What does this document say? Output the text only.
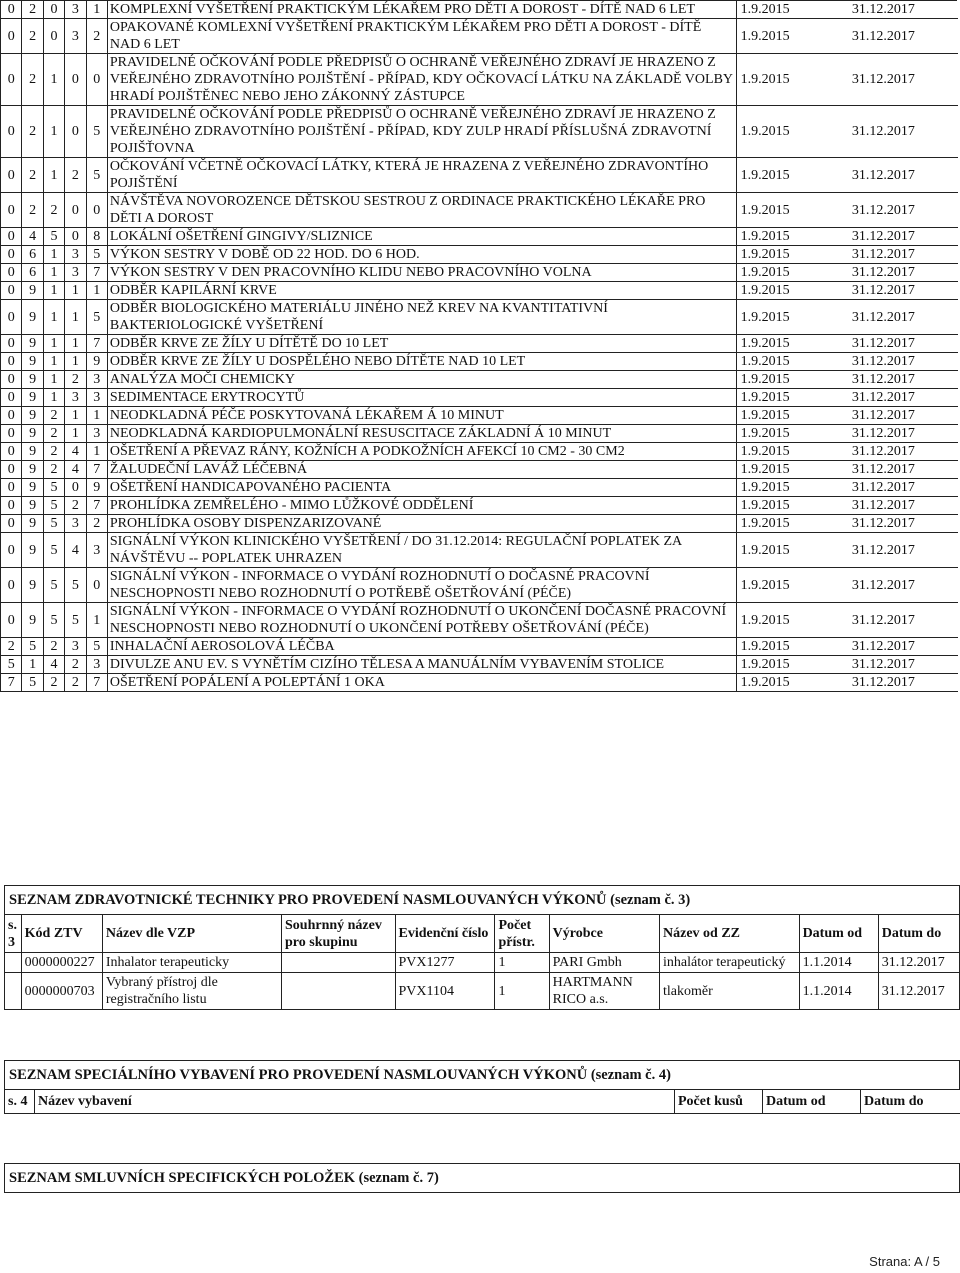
0	2	0	3	1	KOMPLEXNÍ VYŠETŘENÍ PRAKTICKÝM LÉKAŘEM PRO DĚTI A DOROST - DÍTĚ NAD 6 LET	1.9.2015	31.12.2017
0	2	0	3	2	OPAKOVANÉ KOMLEXNÍ VYŠETŘENÍ PRAKTICKÝM LÉKAŘEM PRO DĚTI A DOROST - DÍTĚ NAD 6 LET	1.9.2015	31.12.2017
0	2	1	0	0	PRAVIDELNÉ OČKOVÁNÍ PODLE PŘEDPISŮ O OCHRANĚ VEŘEJNÉHO ZDRAVÍ JE HRAZENO Z VEŘEJNÉHO ZDRAVOTNÍHO POJIŠTĚNÍ - PŘÍPAD, KDY OČKOVACÍ LÁTKU NA ZÁKLADĚ VOLBY HRADÍ POJIŠTĚNEC NEBO JEHO ZÁKONNÝ ZÁSTUPCE	1.9.2015	31.12.2017
0	2	1	0	5	PRAVIDELNÉ OČKOVÁNÍ PODLE PŘEDPISŮ O OCHRANĚ VEŘEJNÉHO ZDRAVÍ JE HRAZENO Z VEŘEJNÉHO ZDRAVOTNÍHO POJIŠTĚNÍ - PŘÍPAD, KDY ZULP HRADÍ PŘÍSLUŠNÁ ZDRAVOTNÍ POJIŠŤOVNA	1.9.2015	31.12.2017
0	2	1	2	5	OČKOVÁNÍ VČETNĚ OČKOVACÍ LÁTKY, KTERÁ JE HRAZENA Z VEŘEJNÉHO ZDRAVONTÍHO POJIŠTĚNÍ	1.9.2015	31.12.2017
0	2	2	0	0	NÁVŠTĚVA NOVOROZENCE DĚTSKOU SESTROU Z ORDINACE PRAKTICKÉHO LÉKAŘE PRO DĚTI A DOROST	1.9.2015	31.12.2017
0	4	5	0	8	LOKÁLNÍ OŠETŘENÍ GINGIVY/SLIZNICE	1.9.2015	31.12.2017
0	6	1	3	5	VÝKON SESTRY V DOBĚ OD 22 HOD. DO 6 HOD.	1.9.2015	31.12.2017
0	6	1	3	7	VÝKON SESTRY V DEN PRACOVNÍHO KLIDU NEBO PRACOVNÍHO VOLNA	1.9.2015	31.12.2017
0	9	1	1	1	ODBĚR KAPILÁRNÍ KRVE	1.9.2015	31.12.2017
0	9	1	1	5	ODBĚR BIOLOGICKÉHO MATERIÁLU JINÉHO NEŽ KREV NA KVANTITATIVNÍ BAKTERIOLOGICKÉ VYŠETŘENÍ	1.9.2015	31.12.2017
0	9	1	1	7	ODBĚR KRVE ZE ŽÍLY U DÍTĚTĚ DO 10 LET	1.9.2015	31.12.2017
0	9	1	1	9	ODBĚR KRVE ZE ŽÍLY U DOSPĚLÉHO NEBO DÍTĚTE NAD 10 LET	1.9.2015	31.12.2017
0	9	1	2	3	ANALÝZA MOČI CHEMICKY	1.9.2015	31.12.2017
0	9	1	3	3	SEDIMENTACE ERYTROCYTŮ	1.9.2015	31.12.2017
0	9	2	1	1	NEODKLADNÁ PÉČE POSKYTOVANÁ LÉKAŘEM Á 10 MINUT	1.9.2015	31.12.2017
0	9	2	1	3	NEODKLADNÁ KARDIOPULMONÁLNÍ RESUSCITACE ZÁKLADNÍ Á 10 MINUT	1.9.2015	31.12.2017
0	9	2	4	1	OŠETŘENÍ A PŘEVAZ RÁNY, KOŽNÍCH A PODKOŽNÍCH AFEKCÍ 10 CM2 - 30 CM2	1.9.2015	31.12.2017
0	9	2	4	7	ŽALUDEČNÍ LAVÁŽ LÉČEBNÁ	1.9.2015	31.12.2017
0	9	5	0	9	OŠETŘENÍ HANDICAPOVANÉHO PACIENTA	1.9.2015	31.12.2017
0	9	5	2	7	PROHLÍDKA ZEMŘELÉHO - MIMO LŮŽKOVÉ ODDĚLENÍ	1.9.2015	31.12.2017
0	9	5	3	2	PROHLÍDKA OSOBY DISPENZARIZOVANÉ	1.9.2015	31.12.2017
0	9	5	4	3	SIGNÁLNÍ VÝKON KLINICKÉHO VYŠETŘENÍ / DO 31.12.2014: REGULAČNÍ POPLATEK ZA NÁVŠTĚVU -- POPLATEK UHRAZEN	1.9.2015	31.12.2017
0	9	5	5	0	SIGNÁLNÍ VÝKON - INFORMACE O VYDÁNÍ ROZHODNUTÍ O DOČASNÉ PRACOVNÍ NESCHOPNOSTI NEBO ROZHODNUTÍ O POTŘEBĚ OŠETŘOVÁNÍ (PÉČE)	1.9.2015	31.12.2017
0	9	5	5	1	SIGNÁLNÍ VÝKON - INFORMACE O VYDÁNÍ ROZHODNUTÍ O UKONČENÍ DOČASNÉ PRACOVNÍ NESCHOPNOSTI NEBO ROZHODNUTÍ O UKONČENÍ POTŘEBY OŠETŘOVÁNÍ (PÉČE)	1.9.2015	31.12.2017
2	5	2	3	5	INHALAČNÍ AEROSOLOVÁ LÉČBA	1.9.2015	31.12.2017
5	1	4	2	3	DIVULZE ANU EV. S VYNĚTÍM CIZÍHO TĚLESA A MANUÁLNÍM VYBAVENÍM STOLICE	1.9.2015	31.12.2017
7	5	2	2	7	OŠETŘENÍ POPÁLENÍ A POLEPTÁNÍ 1 OKA	1.9.2015	31.12.2017
SEZNAM ZDRAVOTNICKÉ TECHNIKY PRO PROVEDENÍ NASMLOUVANÝCH VÝKONŮ (seznam č. 3)
s. 3	Kód ZTV	Název dle VZP	Souhrnný název pro skupinu	Evidenční číslo	Počet přístr.	Výrobce	Název od ZZ	Datum od	Datum do
	0000000227	Inhalator terapeuticky		PVX1277	1	PARI Gmbh	inhalátor terapeutický	1.1.2014	31.12.2017
	0000000703	Vybraný přístroj dle registračního listu		PVX1104	1	HARTMANN RICO a.s.	tlakoměr	1.1.2014	31.12.2017
SEZNAM SPECIÁLNÍHO VYBAVENÍ PRO PROVEDENÍ NASMLOUVANÝCH VÝKONŮ (seznam č. 4)
s. 4	Název vybavení	Počet kusů	Datum od	Datum do
SEZNAM SMLUVNÍCH SPECIFICKÝCH POLOŽEK (seznam č. 7)
Strana: A / 5
